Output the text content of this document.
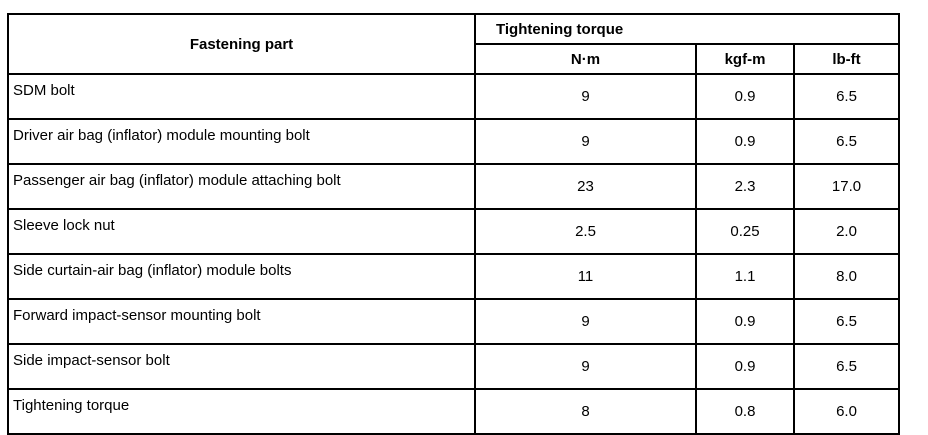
Fastening part	Tightening torque		
	N·m	kgf-m	lb-ft
SDM bolt	9	0.9	6.5
Driver air bag (inflator) module mounting bolt	9	0.9	6.5
Passenger air bag (inflator) module attaching bolt	23	2.3	17.0
Sleeve lock nut	2.5	0.25	2.0
Side curtain-air bag (inflator) module bolts	11	1.1	8.0
Forward impact-sensor mounting bolt	9	0.9	6.5
Side impact-sensor bolt	9	0.9	6.5
Tightening torque	8	0.8	6.0
